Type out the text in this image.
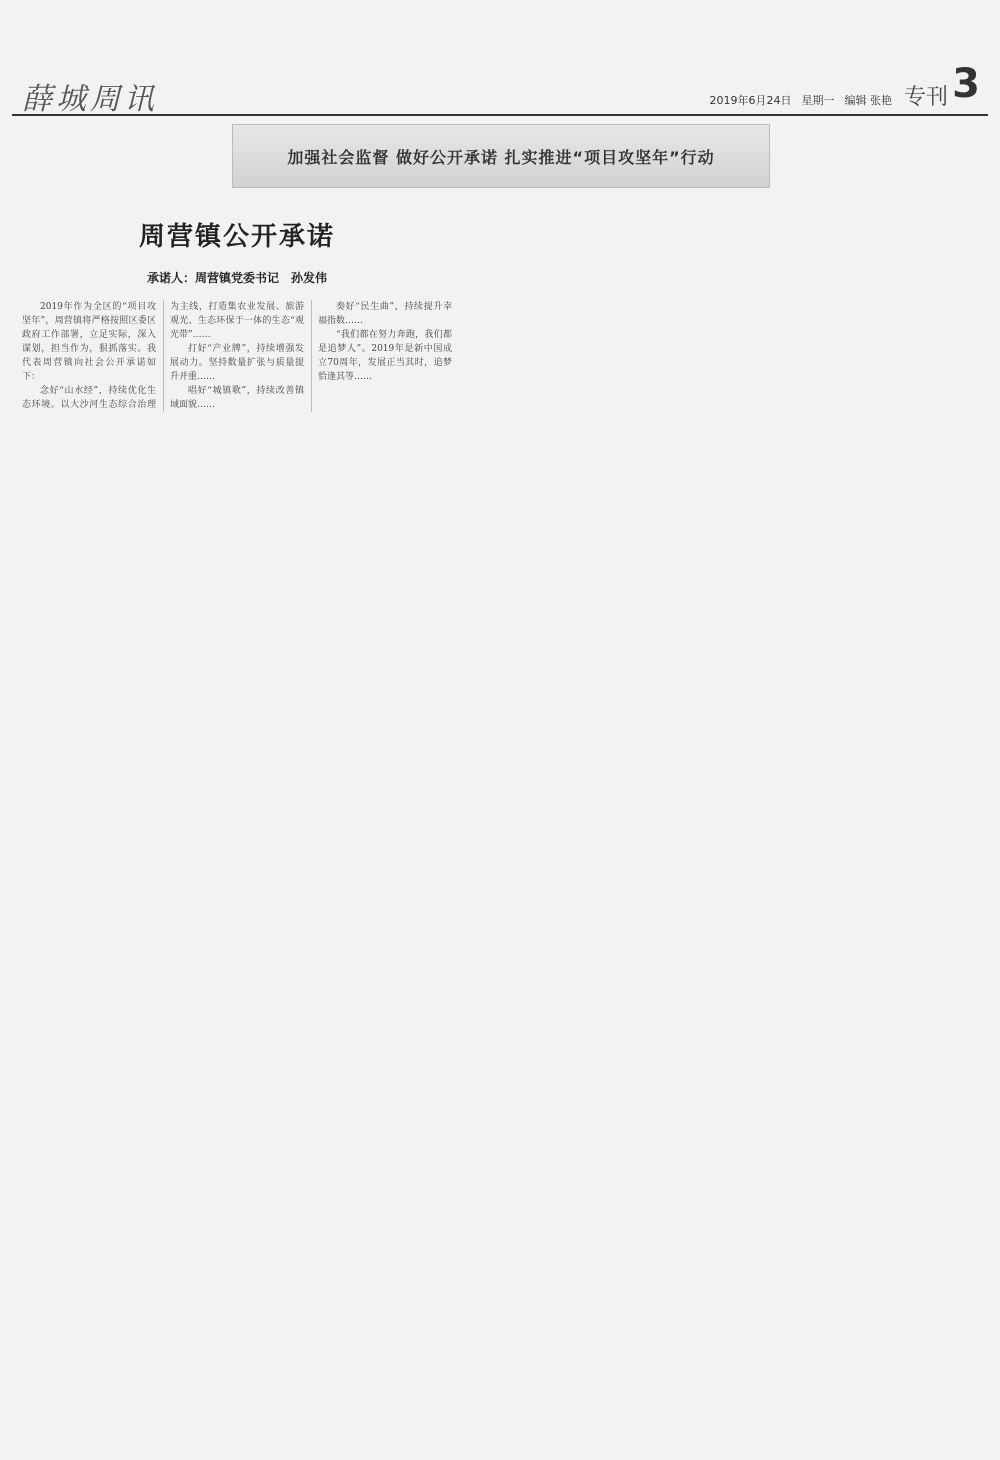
薛城周讯	2019年6月24日 星期一 编辑 张艳 专刊 3
加强社会监督 做好公开承诺 扎实推进“项目攻坚年”行动
周营镇公开承诺
承诺人：周营镇党委书记 孙发伟

2019年作为全区的“项目攻坚年”，周营镇将严格按照区委区政府工作部署，立足实际，深入谋划，担当作为，狠抓落实。我代表周营镇向社会公开承诺如下：

念好“山水经”，持续优化生态环境。以大沙河生态综合治理为主线，打造集农业发展、旅游观光、生态环保于一体的生态“观光带”……

打好“产业牌”，持续增强发展动力。坚持数量扩张与质量提升并重……

唱好“城镇歌”，持续改善镇域面貌……

奏好“民生曲”，持续提升幸福指数……

“我们都在努力奔跑，我们都是追梦人”。2019年是新中国成立70周年，发展正当其时，追梦恰逢其等……
